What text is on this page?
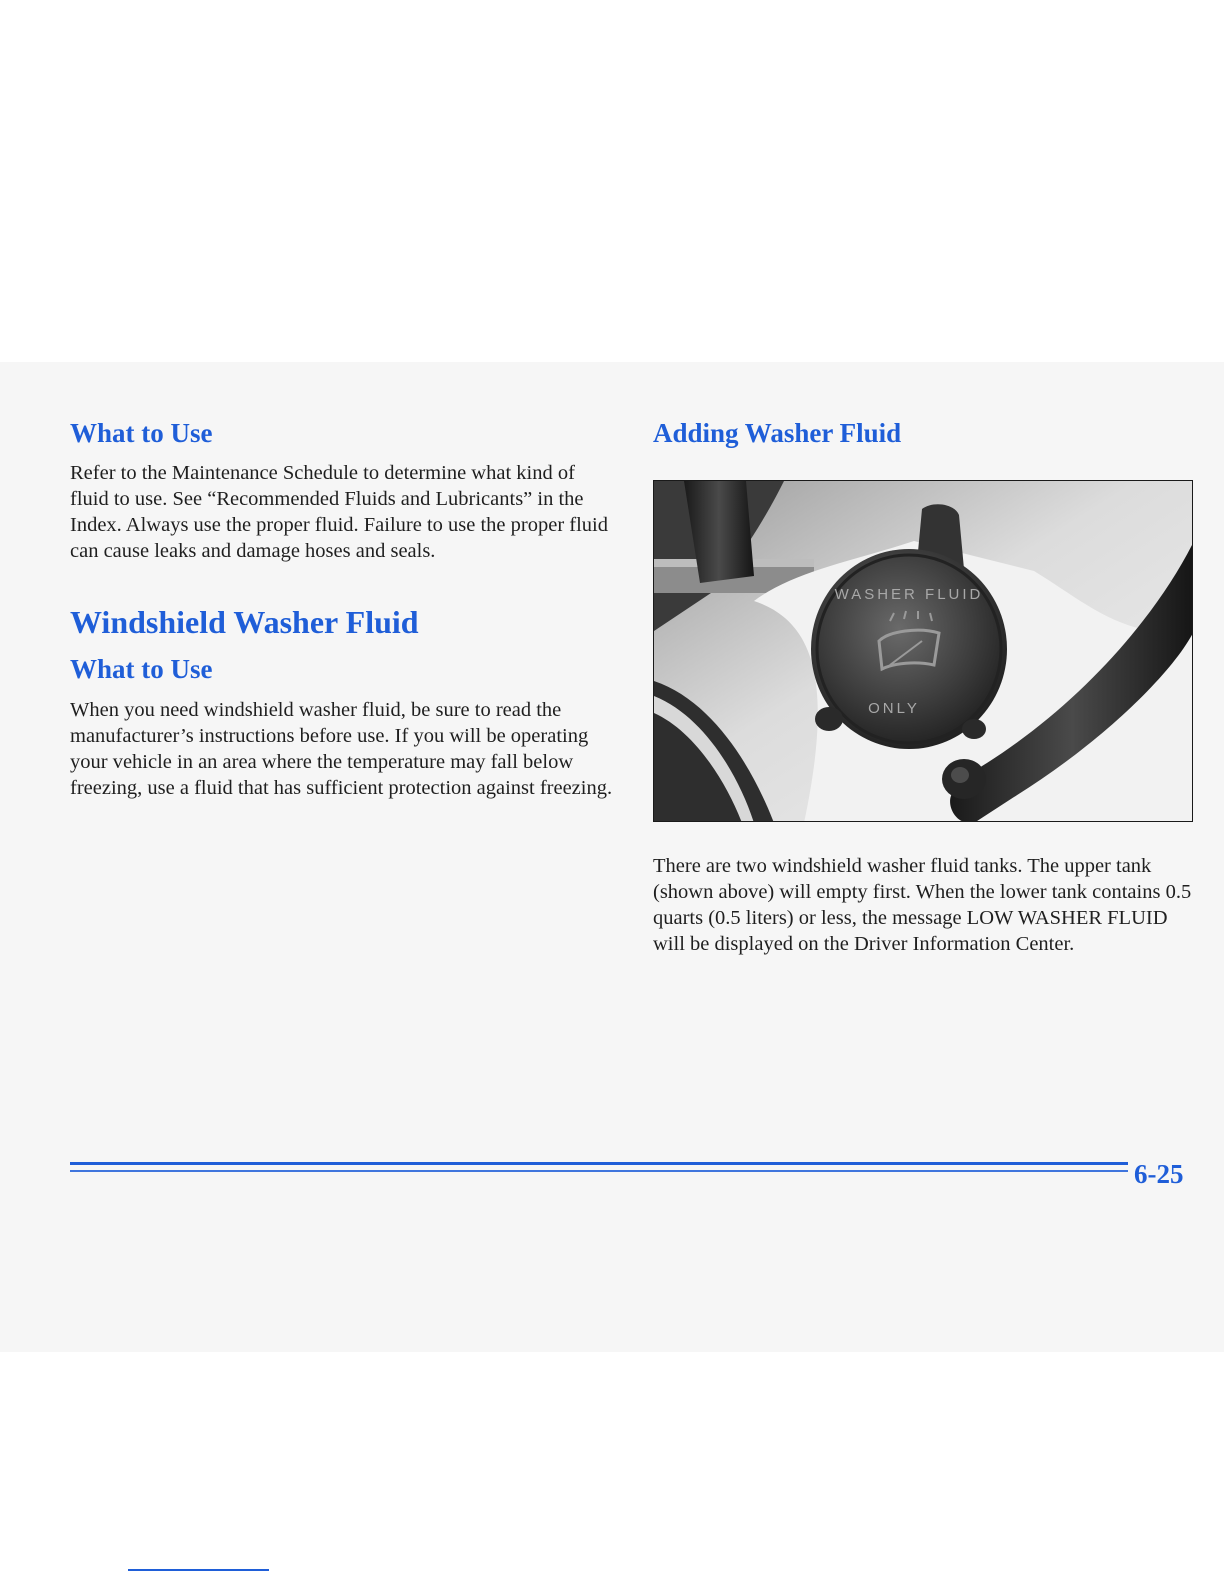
What to Use

Refer to the Maintenance Schedule to determine what kind of fluid to use. See “Recommended Fluids and Lubricants” in the Index. Always use the proper fluid. Failure to use the proper fluid can cause leaks and damage hoses and seals.

Windshield Washer Fluid
What to Use

When you need windshield washer fluid, be sure to read the manufacturer’s instructions before use. If you will be operating your vehicle in an area where the temperature may fall below freezing, use a fluid that has sufficient protection against freezing.

Adding Washer Fluid
WASHER FLUID
ONLY

There are two windshield washer fluid tanks. The upper tank (shown above) will empty first. When the lower tank contains 0.5 quarts (0.5 liters) or less, the message LOW WASHER FLUID will be displayed on the Driver Information Center.

6-25
